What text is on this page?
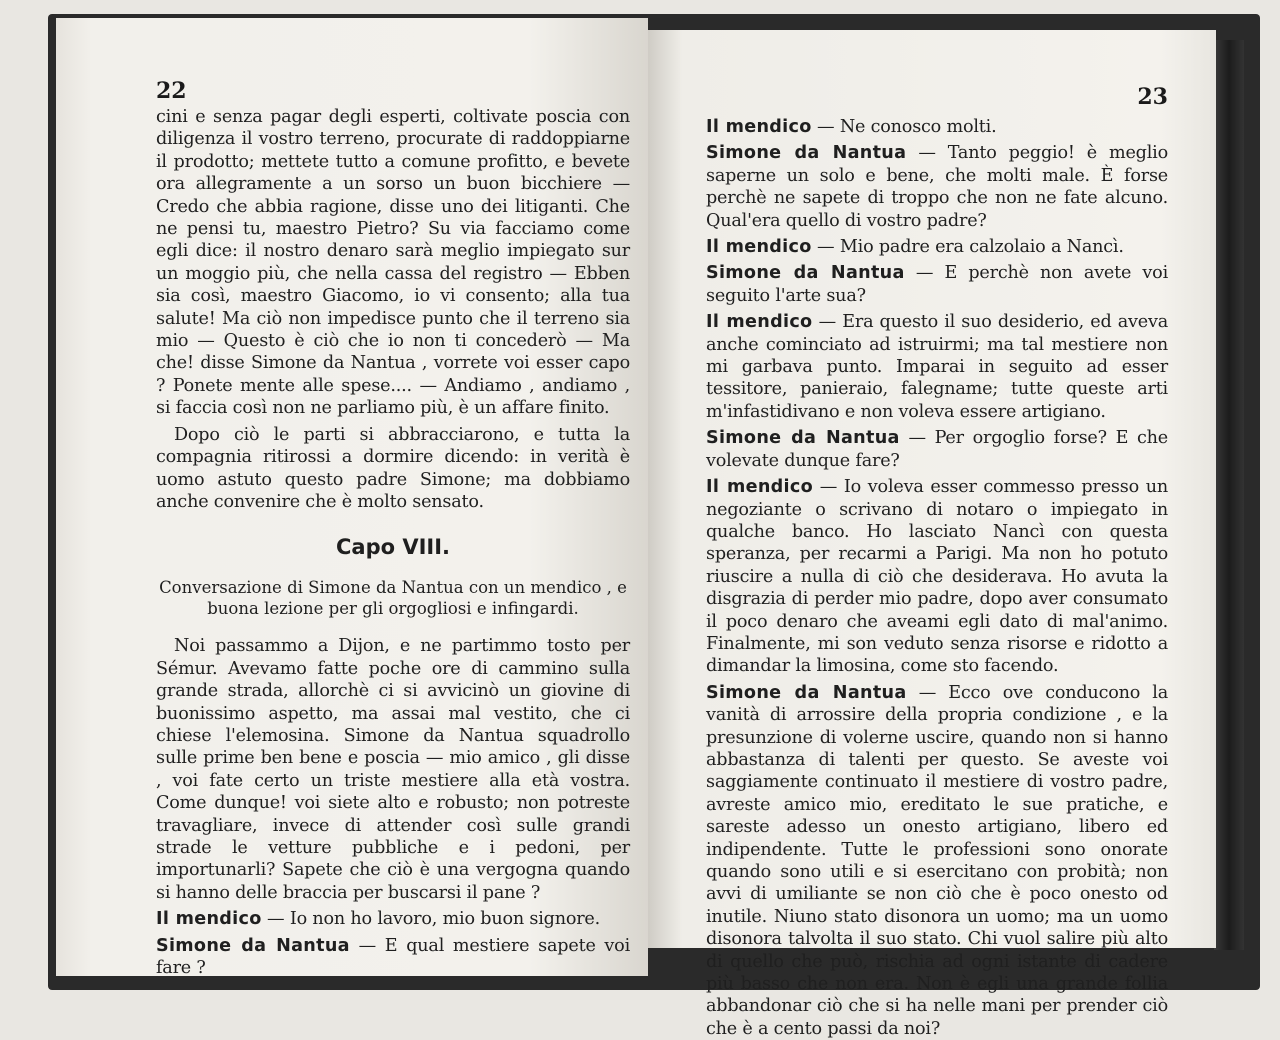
22

cini e senza pagar degli esperti, coltivate poscia con diligenza il vostro terreno, procurate di raddoppiarne il prodotto; mettete tutto a comune profitto, e bevete ora allegramente a un sorso un buon bicchiere — Credo che abbia ragione, disse uno dei litiganti. Che ne pensi tu, maestro Pietro? Su via facciamo come egli dice: il nostro denaro sarà meglio impiegato sur un moggio più, che nella cassa del registro — Ebben sia così, maestro Giacomo, io vi consento; alla tua salute! Ma ciò non impedisce punto che il terreno sia mio — Questo è ciò che io non ti concederò — Ma che! disse Simone da Nantua , vorrete voi esser capo ? Ponete mente alle spese.... — Andiamo , andiamo , si faccia così non ne parliamo più, è un affare finito.

Dopo ciò le parti si abbracciarono, e tutta la compagnia ritirossi a dormire dicendo: in verità è uomo astuto questo padre Simone; ma dobbiamo anche convenire che è molto sensato.

Capo VIII.
Conversazione di Simone da Nantua con un mendico , e buona lezione per gli orgogliosi e infingardi.

Noi passammo a Dijon, e ne partimmo tosto per Sémur. Avevamo fatte poche ore di cammino sulla grande strada, allorchè ci si avvicinò un giovine di buonissimo aspetto, ma assai mal vestito, che ci chiese l'elemosina. Simone da Nantua squadrollo sulle prime ben bene e poscia — mio amico , gli disse , voi fate certo un triste mestiere alla età vostra. Come dunque! voi siete alto e robusto; non potreste travagliare, invece di attender così sulle grandi strade le vetture pubbliche e i pedoni, per importunarli? Sapete che ciò è una vergogna quando si hanno delle braccia per buscarsi il pane ?

Il mendico — Io non ho lavoro, mio buon signore.

Simone da Nantua — E qual mestiere sapete voi fare ?

23

Il mendico — Ne conosco molti.

Simone da Nantua — Tanto peggio! è meglio saperne un solo e bene, che molti male. È forse perchè ne sapete di troppo che non ne fate alcuno. Qual'era quello di vostro padre?

Il mendico — Mio padre era calzolaio a Nancì.

Simone da Nantua — E perchè non avete voi seguito l'arte sua?

Il mendico — Era questo il suo desiderio, ed aveva anche cominciato ad istruirmi; ma tal mestiere non mi garbava punto. Imparai in seguito ad esser tessitore, panieraio, falegname; tutte queste arti m'infastidivano e non voleva essere artigiano.

Simone da Nantua — Per orgoglio forse? E che volevate dunque fare?

Il mendico — Io voleva esser commesso presso un negoziante o scrivano di notaro o impiegato in qualche banco. Ho lasciato Nancì con questa speranza, per recarmi a Parigi. Ma non ho potuto riuscire a nulla di ciò che desiderava. Ho avuta la disgrazia di perder mio padre, dopo aver consumato il poco denaro che aveami egli dato di mal'animo. Finalmente, mi son veduto senza risorse e ridotto a dimandar la limosina, come sto facendo.

Simone da Nantua — Ecco ove conducono la vanità di arrossire della propria condizione , e la presunzione di volerne uscire, quando non si hanno abbastanza di talenti per questo. Se aveste voi saggiamente continuato il mestiere di vostro padre, avreste amico mio, ereditato le sue pratiche, e sareste adesso un onesto artigiano, libero ed indipendente. Tutte le professioni sono onorate quando sono utili e si esercitano con probità; non avvi di umiliante se non ciò che è poco onesto od inutile. Niuno stato disonora un uomo; ma un uomo disonora talvolta il suo stato. Chi vuol salire più alto di quello che può, rischia ad ogni istante di cadere più basso che non era. Non è egli una grande follia abbandonar ciò che si ha nelle mani per prender ciò che è a cento passi da noi?
